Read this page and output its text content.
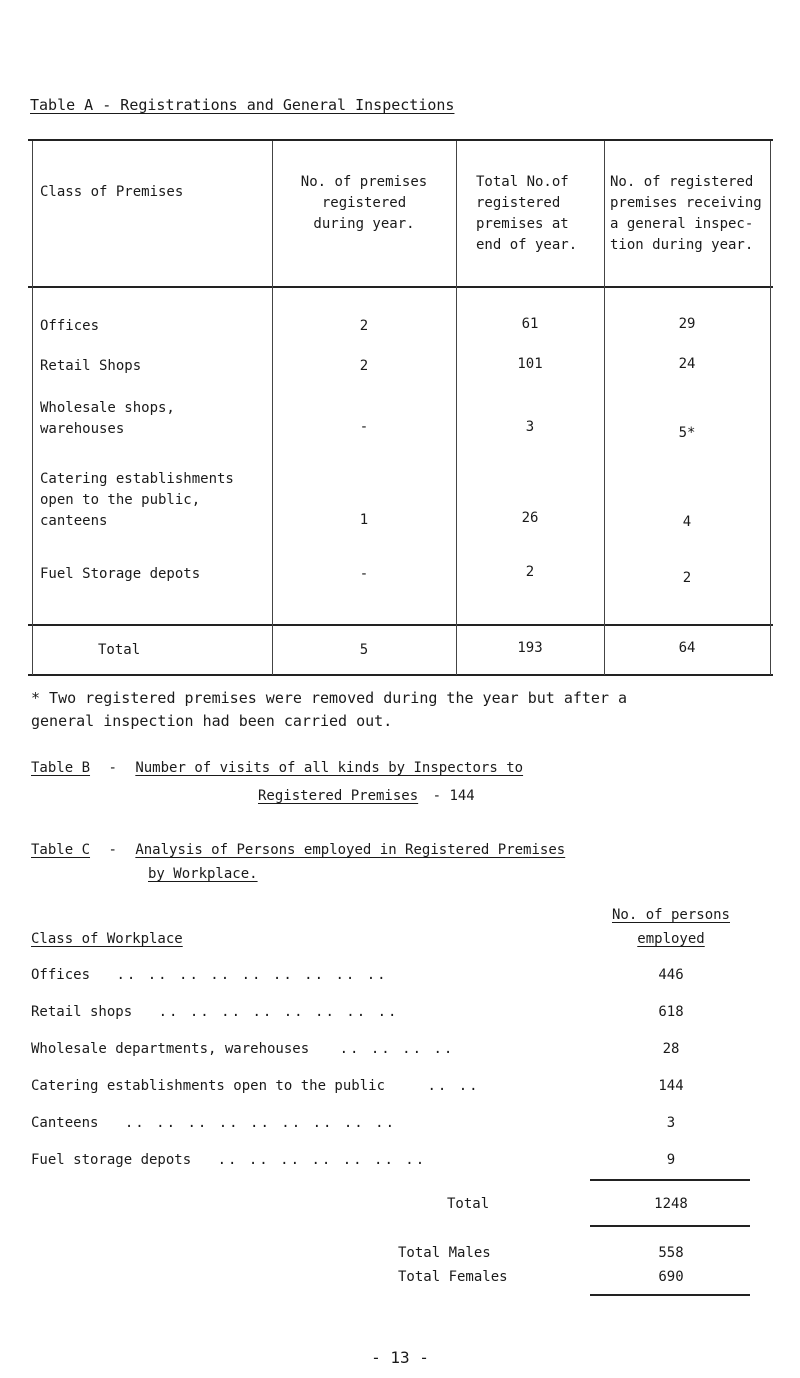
Table A - Registrations and General Inspections
Class of Premises
No. of premises
registered
during year.
Total No.of
registered
premises at
end of year.
No. of registered
premises receiving
a general inspec-
tion during year.
Offices	2	61	29
Retail Shops	2	101	24
Wholesale shops,
warehouses	-	3	5*
Catering establishments
open to the public,
canteens	1	26	4
Fuel Storage depots	-	2	2
Total	5	193	64
* Two registered premises were removed during the year but after a
general inspection had been carried out.
Table B - Number of visits of all kinds by Inspectors to
Registered Premises - 144
Table C - Analysis of Persons employed in Registered Premises
by Workplace.
Class of Workplace
No. of persons
employed
Offices .. .. .. .. .. .. .. .. ..	446
Retail shops .. .. .. .. .. .. .. ..	618
Wholesale departments, warehouses .. .. .. ..	28
Catering establishments open to the public	.. ..	144
Canteens .. .. .. .. .. .. .. .. ..	3
Fuel storage depots .. .. .. .. .. .. ..	9
Total	1248
Total Males	558
Total Females	690
- 13 -
